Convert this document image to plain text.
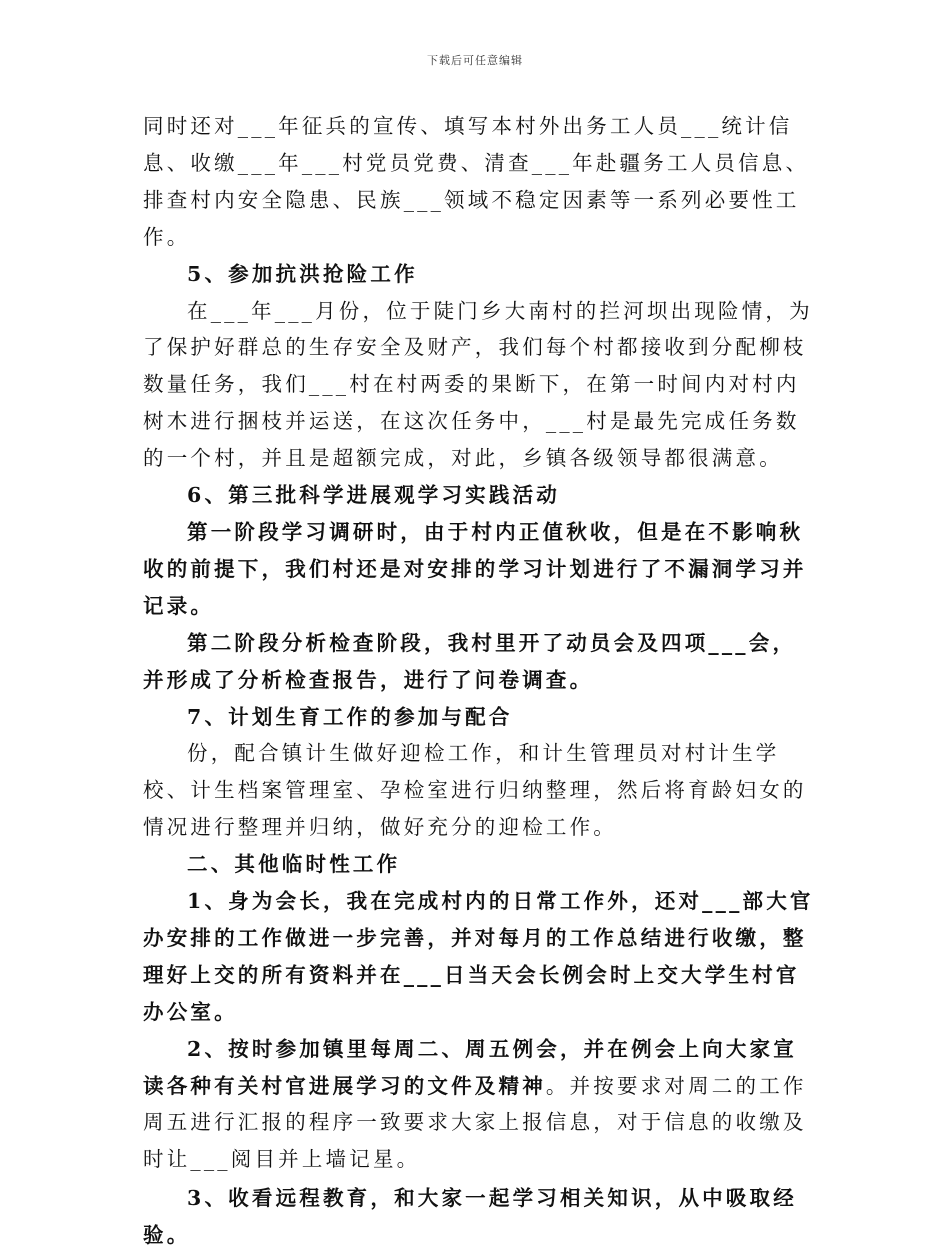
下载后可任意编辑

同时还对___年征兵的宣传、填写本村外出务工人员___统计信息、收缴___年___村党员党费、清查___年赴疆务工人员信息、排查村内安全隐患、民族___领域不稳定因素等一系列必要性工作。

5、参加抗洪抢险工作

在___年___月份，位于陡门乡大南村的拦河坝出现险情，为了保护好群总的生存安全及财产，我们每个村都接收到分配柳枝数量任务，我们___村在村两委的果断下，在第一时间内对村内树木进行捆枝并运送，在这次任务中，___村是最先完成任务数的一个村，并且是超额完成，对此，乡镇各级领导都很满意。

6、第三批科学进展观学习实践活动

第一阶段学习调研时，由于村内正值秋收，但是在不影响秋收的前提下，我们村还是对安排的学习计划进行了不漏洞学习并记录。

第二阶段分析检查阶段，我村里开了动员会及四项___会，并形成了分析检查报告，进行了问卷调查。

7、计划生育工作的参加与配合

份，配合镇计生做好迎检工作，和计生管理员对村计生学校、计生档案管理室、孕检室进行归纳整理，然后将育龄妇女的情况进行整理并归纳，做好充分的迎检工作。

二、其他临时性工作

1、身为会长，我在完成村内的日常工作外，还对___部大官办安排的工作做进一步完善，并对每月的工作总结进行收缴，整理好上交的所有资料并在___日当天会长例会时上交大学生村官办公室。

2、按时参加镇里每周二、周五例会，并在例会上向大家宣读各种有关村官进展学习的文件及精神。并按要求对周二的工作周五进行汇报的程序一致要求大家上报信息，对于信息的收缴及时让___阅目并上墙记星。

3、收看远程教育，和大家一起学习相关知识，从中吸取经验。
